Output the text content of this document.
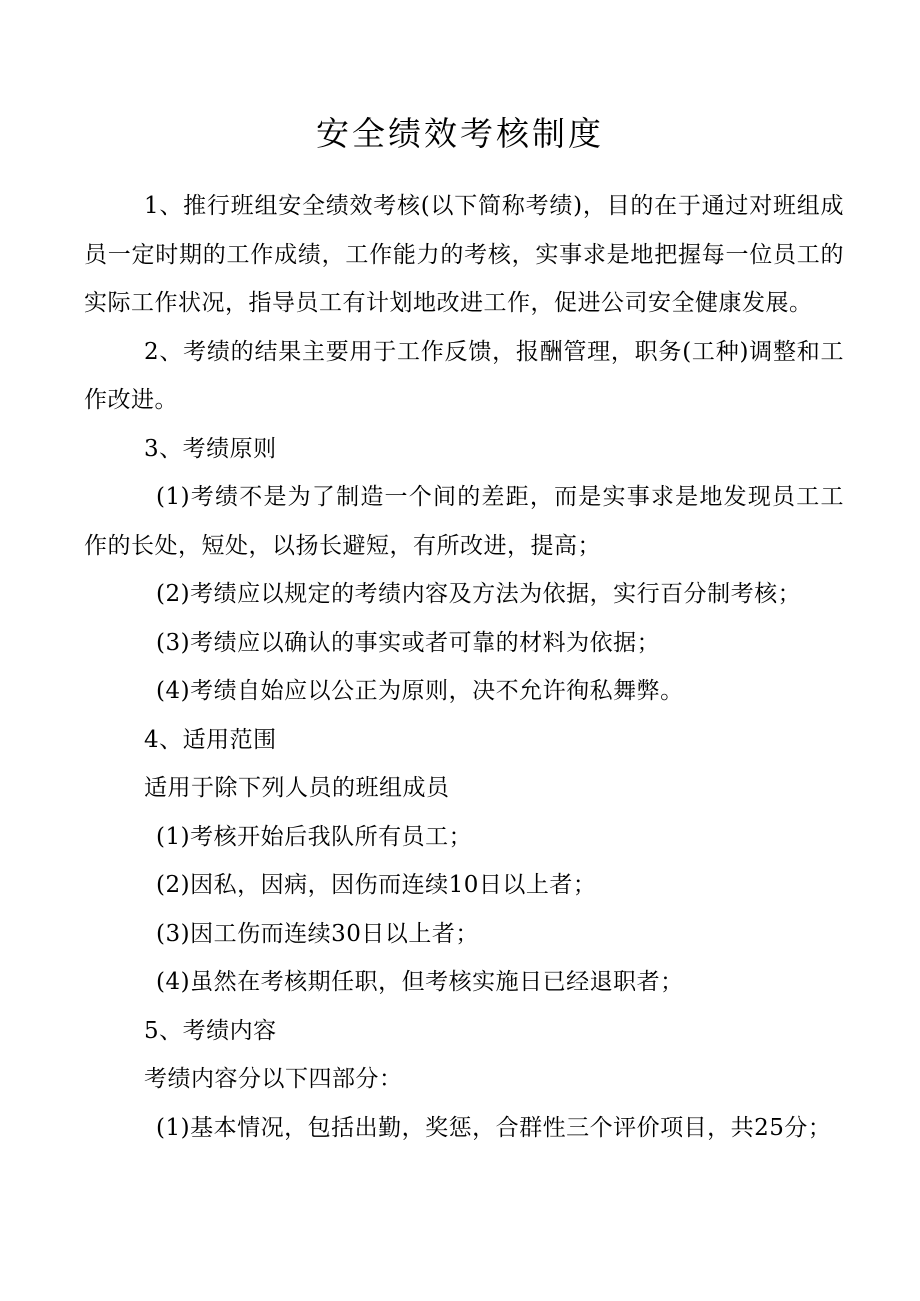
安全绩效考核制度

1、推行班组安全绩效考核(以下简称考绩)，目的在于通过对班组成员一定时期的工作成绩，工作能力的考核，实事求是地把握每一位员工的实际工作状况，指导员工有计划地改进工作，促进公司安全健康发展。

2、考绩的结果主要用于工作反馈，报酬管理，职务(工种)调整和工作改进。

3、考绩原则

(1)考绩不是为了制造一个间的差距，而是实事求是地发现员工工作的长处，短处，以扬长避短，有所改进，提高；

(2)考绩应以规定的考绩内容及方法为依据，实行百分制考核；

(3)考绩应以确认的事实或者可靠的材料为依据；

(4)考绩自始应以公正为原则，决不允许徇私舞弊。

4、适用范围

适用于除下列人员的班组成员

(1)考核开始后我队所有员工；

(2)因私，因病，因伤而连续10日以上者；

(3)因工伤而连续30日以上者；

(4)虽然在考核期任职，但考核实施日已经退职者；

5、考绩内容

考绩内容分以下四部分：

(1)基本情况，包括出勤，奖惩，合群性三个评价项目，共25分；
